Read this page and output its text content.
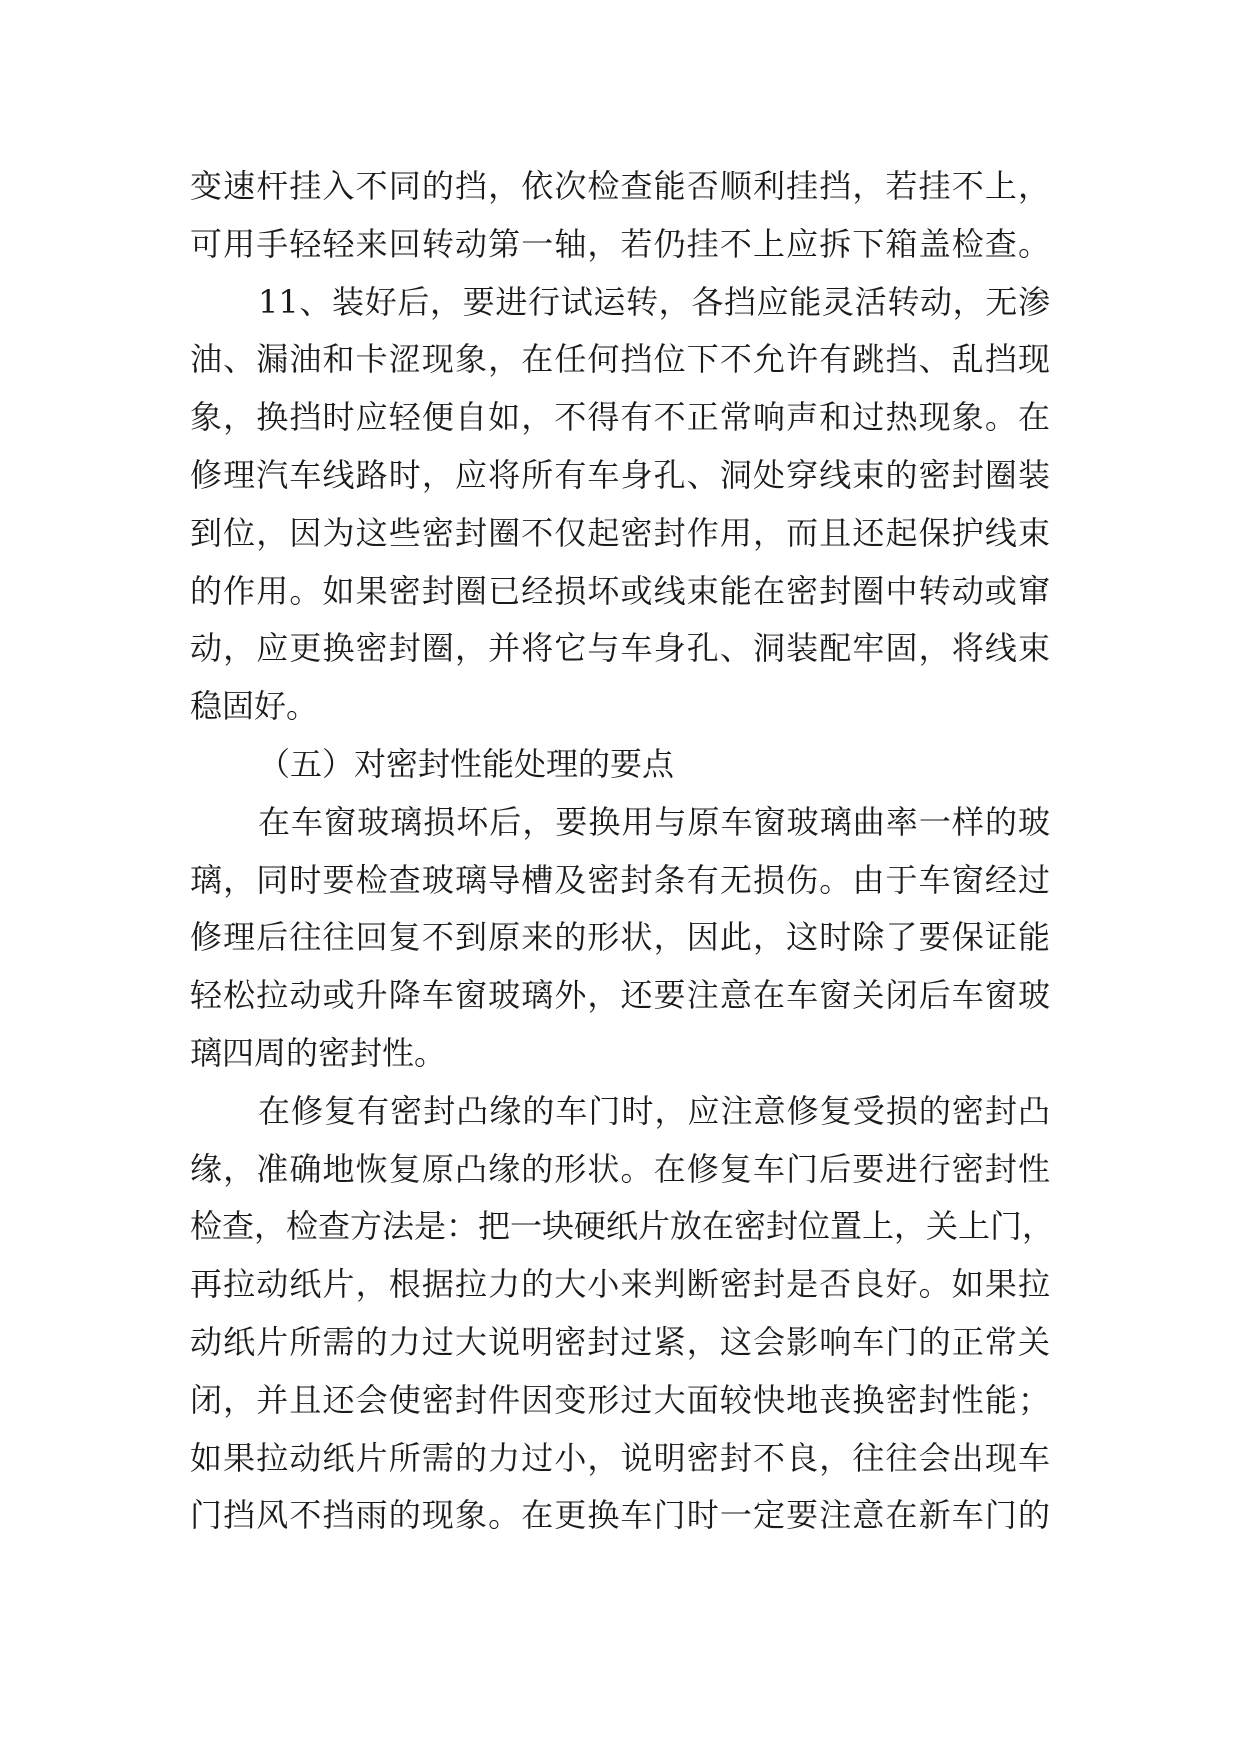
变速杆挂入不同的挡，依次检查能否顺利挂挡，若挂不上，
可用手轻轻来回转动第一轴，若仍挂不上应拆下箱盖检查。
11、装好后，要进行试运转，各挡应能灵活转动，无渗
油、漏油和卡涩现象，在任何挡位下不允许有跳挡、乱挡现
象，换挡时应轻便自如，不得有不正常响声和过热现象。在
修理汽车线路时，应将所有车身孔、洞处穿线束的密封圈装
到位，因为这些密封圈不仅起密封作用，而且还起保护线束
的作用。如果密封圈已经损坏或线束能在密封圈中转动或窜
动，应更换密封圈，并将它与车身孔、洞装配牢固，将线束
稳固好。
（五）对密封性能处理的要点
在车窗玻璃损坏后，要换用与原车窗玻璃曲率一样的玻
璃，同时要检查玻璃导槽及密封条有无损伤。由于车窗经过
修理后往往回复不到原来的形状，因此，这时除了要保证能
轻松拉动或升降车窗玻璃外，还要注意在车窗关闭后车窗玻
璃四周的密封性。
在修复有密封凸缘的车门时，应注意修复受损的密封凸
缘，准确地恢复原凸缘的形状。在修复车门后要进行密封性
检查，检查方法是：把一块硬纸片放在密封位置上，关上门，
再拉动纸片，根据拉力的大小来判断密封是否良好。如果拉
动纸片所需的力过大说明密封过紧，这会影响车门的正常关
闭，并且还会使密封件因变形过大面较快地丧换密封性能；
如果拉动纸片所需的力过小，说明密封不良，往往会出现车
门挡风不挡雨的现象。在更换车门时一定要注意在新车门的
